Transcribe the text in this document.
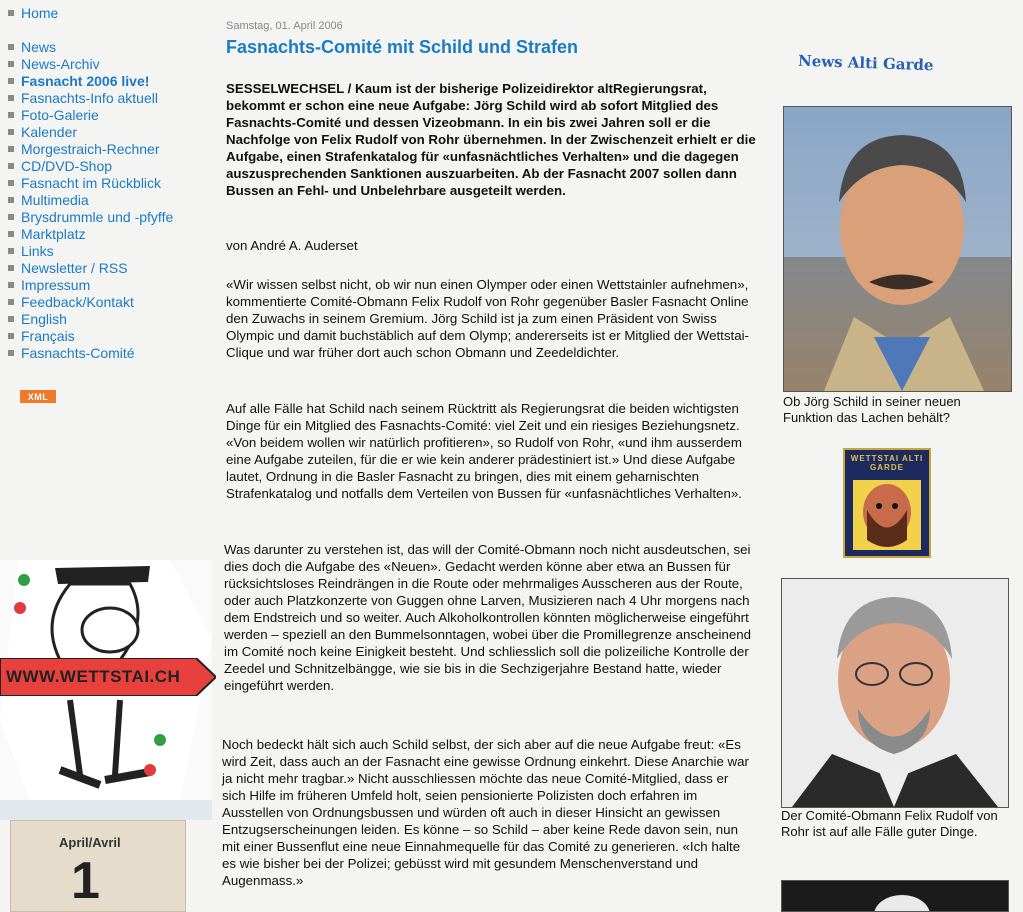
Home
News
News-Archiv
Fasnacht 2006 live!
Fasnachts-Info aktuell
Foto-Galerie
Kalender
Morgestraich-Rechner
CD/DVD-Shop
Fasnacht im Rückblick
Multimedia
Brysdrummle und -pfyffe
Marktplatz
Links
Newsletter / RSS
Impressum
Feedback/Kontakt
English
Français
Fasnachts-Comité
XML
WWW.WETTSTAI.CH
April/Avril
1
Samstag, 01. April 2006
Fasnachts-Comité mit Schild und Strafen
SESSELWECHSEL / Kaum ist der bisherige Polizeidirektor altRegierungsrat, bekommt er schon eine neue Aufgabe: Jörg Schild wird ab sofort Mitglied des Fasnachts-Comité und dessen Vizeobmann. In ein bis zwei Jahren soll er die Nachfolge von Felix Rudolf von Rohr übernehmen. In der Zwischenzeit erhielt er die Aufgabe, einen Strafenkatalog für «unfasnächtliches Verhalten» und die dagegen auszusprechenden Sanktionen auszuarbeiten. Ab der Fasnacht 2007 sollen dann Bussen an Fehl- und Unbelehrbare ausgeteilt werden.
von André A. Auderset
«Wir wissen selbst nicht, ob wir nun einen Olymper oder einen Wettstainler aufnehmen», kommentierte Comité-Obmann Felix Rudolf von Rohr gegenüber Basler Fasnacht Online den Zuwachs in seinem Gremium. Jörg Schild ist ja zum einen Präsident von Swiss Olympic und damit buchstäblich auf dem Olymp; andererseits ist er Mitglied der Wettstai-Clique und war früher dort auch schon Obmann und Zeedeldichter.
Auf alle Fälle hat Schild nach seinem Rücktritt als Regierungsrat die beiden wichtigsten Dinge für ein Mitglied des Fasnachts-Comité: viel Zeit und ein riesiges Beziehungsnetz. «Von beidem wollen wir natürlich profitieren», so Rudolf von Rohr, «und ihm ausserdem eine Aufgabe zuteilen, für die er wie kein anderer prädestiniert ist.» Und diese Aufgabe lautet, Ordnung in die Basler Fasnacht zu bringen, dies mit einem geharnischten Strafenkatalog und notfalls dem Verteilen von Bussen für «unfasnächtliches Verhalten».
Was darunter zu verstehen ist, das will der Comité-Obmann noch nicht ausdeutschen, sei dies doch die Aufgabe des «Neuen». Gedacht werden könne aber etwa an Bussen für rücksichtsloses Reindrängen in die Route oder mehrmaliges Ausscheren aus der Route, oder auch Platzkonzerte von Guggen ohne Larven, Musizieren nach 4 Uhr morgens nach dem Endstreich und so weiter. Auch Alkoholkontrollen könnten möglicherweise eingeführt werden – speziell an den Bummelsonntagen, wobei über die Promillegrenze anscheinend im Comité noch keine Einigkeit besteht. Und schliesslich soll die polizeiliche Kontrolle der Zeedel und Schnitzelbängge, wie sie bis in die Sechzigerjahre Bestand hatte, wieder eingeführt werden.
Noch bedeckt hält sich auch Schild selbst, der sich aber auf die neue Aufgabe freut: «Es wird Zeit, dass auch an der Fasnacht eine gewisse Ordnung einkehrt. Diese Anarchie war ja nicht mehr tragbar.» Nicht ausschliessen möchte das neue Comité-Mitglied, dass er sich Hilfe im früheren Umfeld holt, seien pensionierte Polizisten doch erfahren im Ausstellen von Ordnungsbussen und würden oft auch in dieser Hinsicht an gewissen Entzugserscheinungen leiden. Es könne – so Schild – aber keine Rede davon sein, nun mit einer Bussenflut eine neue Einnahmequelle für das Comité zu generieren. «Ich halte es wie bisher bei der Polizei; gebüsst wird mit gesundem Menschenverstand und Augenmass.»
News Alti Garde
Ob Jörg Schild in seiner neuen Funktion das Lachen behält?
WETTSTAI ALTI GARDE
Der Comité-Obmann Felix Rudolf von Rohr ist auf alle Fälle guter Dinge.
